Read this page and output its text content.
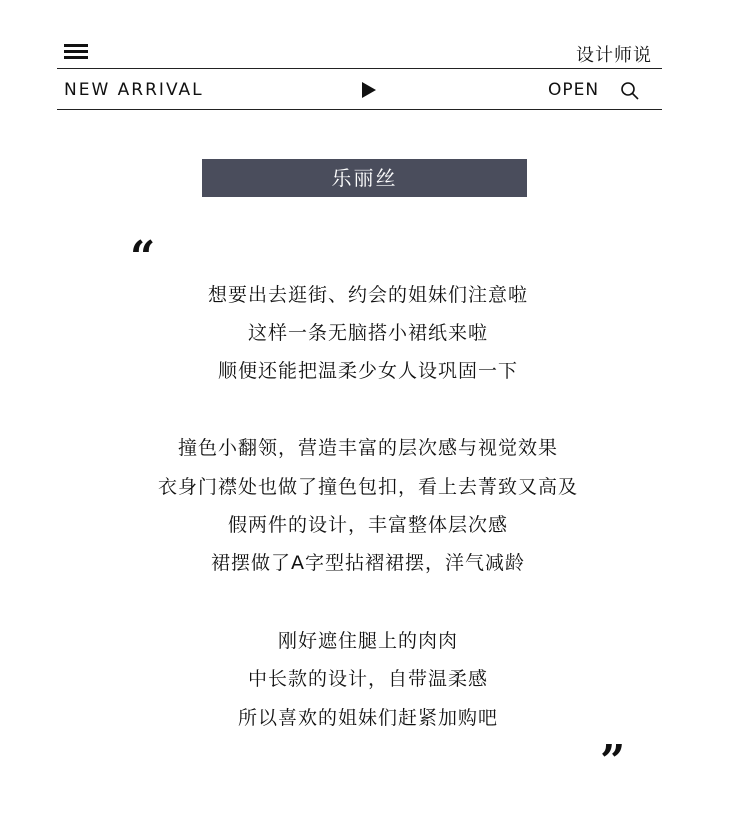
设计师说
NEW ARRIVAL	OPEN
乐丽丝
“
想要出去逛街、约会的姐妹们注意啦
这样一条无脑搭小裙纸来啦
顺便还能把温柔少女人设巩固一下
撞色小翻领，营造丰富的层次感与视觉效果
衣身门襟处也做了撞色包扣，看上去菁致又高及
假两件的设计，丰富整体层次感
裙摆做了A字型拈褶裙摆，洋气减龄
刚好遮住腿上的肉肉
中长款的设计，自带温柔感
所以喜欢的姐妹们赶紧加购吧
”
